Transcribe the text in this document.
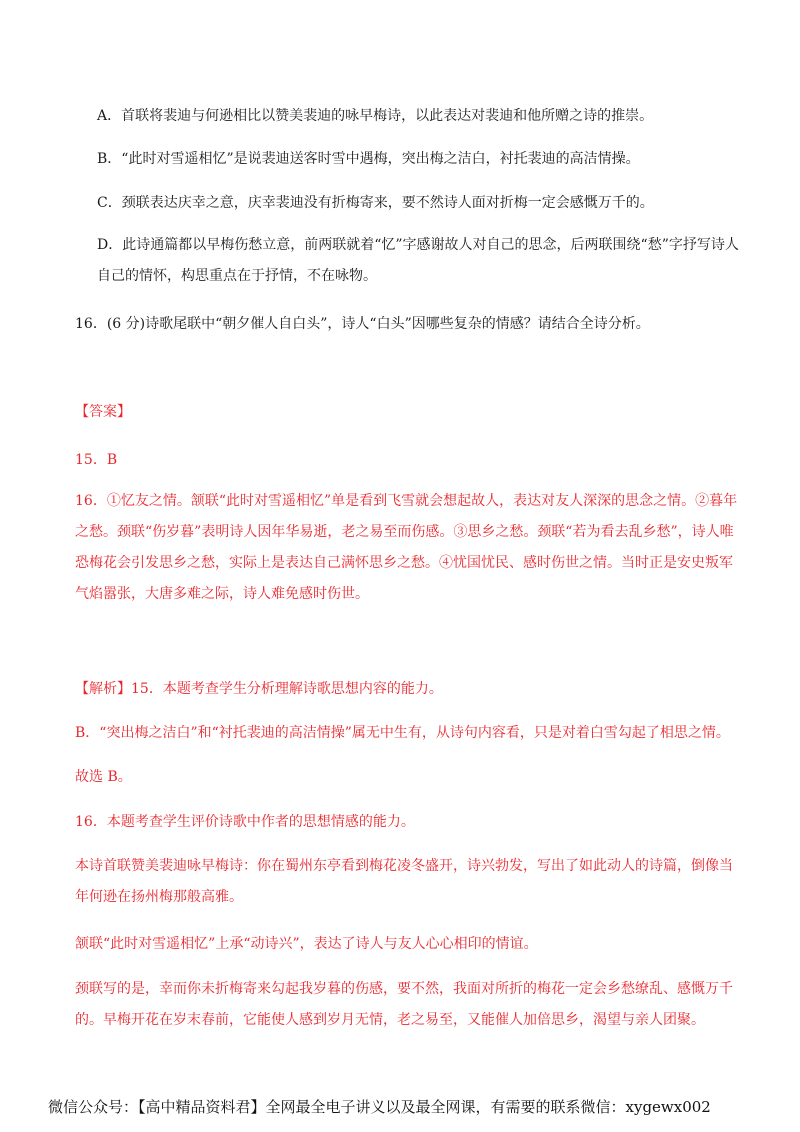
A．首联将裴迪与何逊相比以赞美裴迪的咏早梅诗，以此表达对裴迪和他所赠之诗的推崇。
B．“此时对雪遥相忆”是说裴迪送客时雪中遇梅，突出梅之洁白，衬托裴迪的高洁情操。
C．颈联表达庆幸之意，庆幸裴迪没有折梅寄来，要不然诗人面对折梅一定会感慨万千的。
D．此诗通篇都以早梅伤愁立意，前两联就着“忆”字感谢故人对自己的思念，后两联围绕“愁”字抒写诗人自己的情怀，构思重点在于抒情，不在咏物。
16．(6 分)诗歌尾联中“朝夕催人自白头”，诗人“白头”因哪些复杂的情感？请结合全诗分析。
【答案】
15．B
16．①忆友之情。颔联“此时对雪遥相忆”单是看到飞雪就会想起故人，表达对友人深深的思念之情。②暮年之愁。颈联“伤岁暮”表明诗人因年华易逝，老之易至而伤感。③思乡之愁。颈联“若为看去乱乡愁”，诗人唯恐梅花会引发思乡之愁，实际上是表达自己满怀思乡之愁。④忧国忧民、感时伤世之情。当时正是安史叛军气焰嚣张，大唐多难之际，诗人难免感时伤世。
【解析】15．本题考查学生分析理解诗歌思想内容的能力。
B．“突出梅之洁白”和“衬托裴迪的高洁情操”属无中生有，从诗句内容看，只是对着白雪勾起了相思之情。
故选 B。
16．本题考查学生评价诗歌中作者的思想情感的能力。
本诗首联赞美裴迪咏早梅诗：你在蜀州东亭看到梅花凌冬盛开，诗兴勃发，写出了如此动人的诗篇，倒像当年何逊在扬州梅那般高雅。
颔联“此时对雪遥相忆”上承“动诗兴”，表达了诗人与友人心心相印的情谊。
颈联写的是，幸而你未折梅寄来勾起我岁暮的伤感，要不然，我面对所折的梅花一定会乡愁缭乱、感慨万千的。早梅开花在岁末春前，它能使人感到岁月无情，老之易至，又能催人加倍思乡，渴望与亲人团聚。
微信公众号：【高中精品资料君】全网最全电子讲义以及最全网课，有需要的联系微信：xygewx002
